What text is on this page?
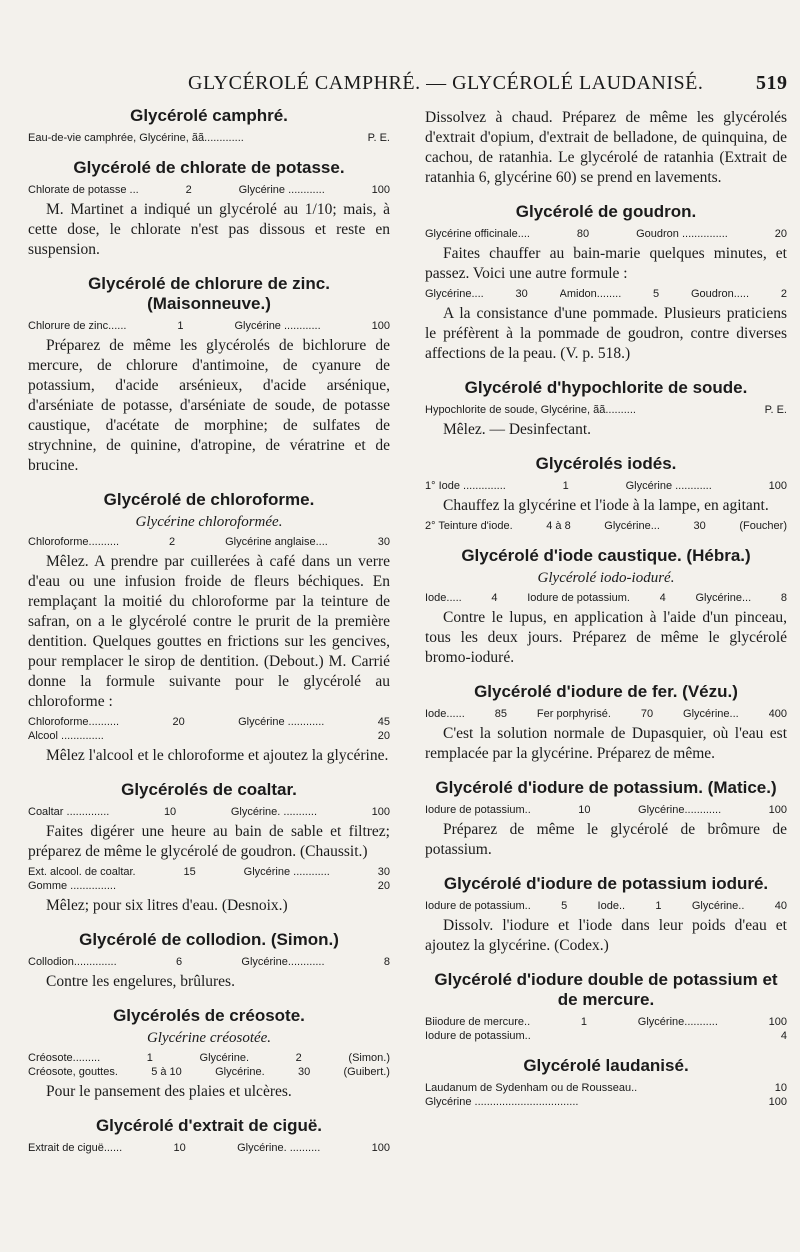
GLYCÉROLÉ CAMPHRÉ. — GLYCÉROLÉ LAUDANISÉ.	519
Glycérolé camphré.
Eau-de-vie camphrée, Glycérine, ãã.............	P. E.
Glycérolé de chlorate de potasse.
Chlorate de potasse ...	2	Glycérine ............	100

M. Martinet a indiqué un glycérolé au 1/10; mais, à cette dose, le chlorate n'est pas dissous et reste en suspension.

Glycérolé de chlorure de zinc. (Maisonneuve.)
Chlorure de zinc......	1	Glycérine ............	100

Préparez de même les glycérolés de bichlorure de mercure, de chlorure d'antimoine, de cyanure de potassium, d'acide arsénieux, d'acide arsénique, d'arséniate de potasse, d'arséniate de soude, de potasse caustique, d'acétate de morphine; de sulfates de strychnine, de quinine, d'atropine, de vératrine et de brucine.

Glycérolé de chloroforme.
Glycérine chloroformée.
Chloroforme..........	2	Glycérine anglaise....	30

Mêlez. A prendre par cuillerées à café dans un verre d'eau ou une infusion froide de fleurs béchiques. En remplaçant la moitié du chloroforme par la teinture de safran, on a le glycérolé contre le prurit de la première dentition. Quelques gouttes en frictions sur les gencives, pour remplacer le sirop de dentition. (Debout.) M. Carrié donne la formule suivante pour le glycérolé au chloroforme :

Chloroforme..........	20	Glycérine ............	45
Alcool ..............	20

Mêlez l'alcool et le chloroforme et ajoutez la glycérine.

Glycérolés de coaltar.
Coaltar ..............	10	Glycérine. ...........	100

Faites digérer une heure au bain de sable et filtrez; préparez de même le glycérolé de goudron. (Chaussit.)

Ext. alcool. de coaltar.	15	Glycérine ............	30
Gomme ...............	20

Mêlez; pour six litres d'eau. (Desnoix.)

Glycérolé de collodion. (Simon.)
Collodion..............	6	Glycérine............	8

Contre les engelures, brûlures.

Glycérolés de créosote.
Glycérine créosotée.
Créosote.........	1	Glycérine.	2	(Simon.)
Créosote, gouttes.	5 à 10	Glycérine.	30	(Guibert.)

Pour le pansement des plaies et ulcères.

Glycérolé d'extrait de ciguë.
Extrait de ciguë......	10	Glycérine. ..........	100

Dissolvez à chaud. Préparez de même les glycérolés d'extrait d'opium, d'extrait de belladone, de quinquina, de cachou, de ratanhia. Le glycérolé de ratanhia (Extrait de ratanhia 6, glycérine 60) se prend en lavements.

Glycérolé de goudron.
Glycérine officinale....	80	Goudron ...............	20

Faites chauffer au bain-marie quelques minutes, et passez. Voici une autre formule :

Glycérine....	30	Amidon........	5	Goudron.....	2

A la consistance d'une pommade. Plusieurs praticiens le préfèrent à la pommade de goudron, contre diverses affections de la peau. (V. p. 518.)

Glycérolé d'hypochlorite de soude.
Hypochlorite de soude, Glycérine, ãã..........	P. E.

Mêlez. — Desinfectant.

Glycérolés iodés.
1° Iode ..............	1	Glycérine ............	100

Chauffez la glycérine et l'iode à la lampe, en agitant.

2° Teinture d'iode.	4 à 8	Glycérine...	30	(Foucher)
Glycérolé d'iode caustique. (Hébra.)
Glycérolé iodo-ioduré.
Iode.....	4	Iodure de potassium.	4	Glycérine...	8

Contre le lupus, en application à l'aide d'un pinceau, tous les deux jours. Préparez de même le glycérolé bromo-ioduré.

Glycérolé d'iodure de fer. (Vézu.)
Iode......	85	Fer porphyrisé.	70	Glycérine...	400

C'est la solution normale de Dupasquier, où l'eau est remplacée par la glycérine. Préparez de même.

Glycérolé d'iodure de potassium. (Matice.)
Iodure de potassium..	10	Glycérine............	100

Préparez de même le glycérolé de brômure de potassium.

Glycérolé d'iodure de potassium ioduré.
Iodure de potassium..	5	Iode..	1	Glycérine..	40

Dissolv. l'iodure et l'iode dans leur poids d'eau et ajoutez la glycérine. (Codex.)

Glycérolé d'iodure double de potassium et de mercure.
Biiodure de mercure..	1	Glycérine...........	100
Iodure de potassium..	4
Glycérolé laudanisé.
Laudanum de Sydenham ou de Rousseau..	10
Glycérine ..................................	100
